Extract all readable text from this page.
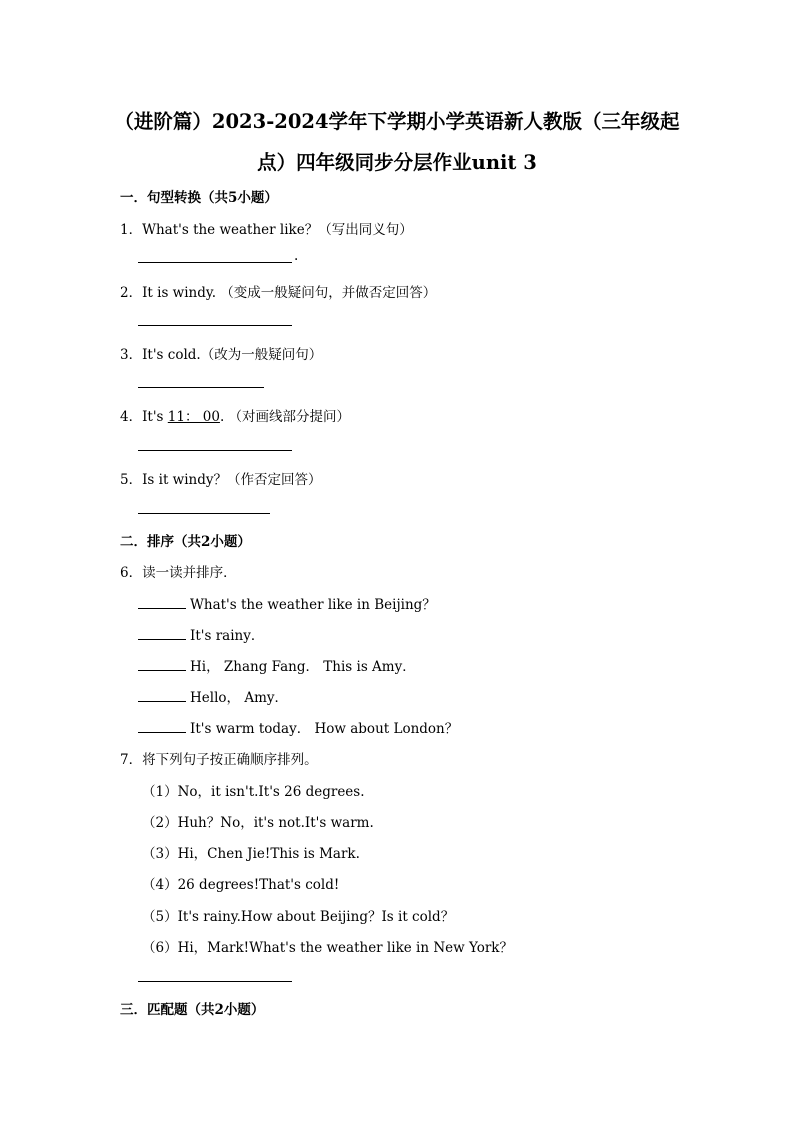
（进阶篇）2023-2024学年下学期小学英语新人教版（三年级起
点）四年级同步分层作业unit 3
一．句型转换（共5小题）
1．What's the weather like？（写出同义句）
.
2．It is windy. （变成一般疑问句，并做否定回答）
3．It's cold.（改为一般疑问句）
4．It's 11： 00. （对画线部分提问）
5．Is it windy？（作否定回答）
二．排序（共2小题）
6．读一读并排序．
What's the weather like in Beijing？
It's rainy．
Hi， Zhang Fang． This is Amy．
Hello， Amy．
It's warm today． How about London？
7．将下列句子按正确顺序排列。
（1）No，it isn't.It's 26 degrees.
（2）Huh？No，it's not.It's warm.
（3）Hi，Chen Jie!This is Mark.
（4）26 degrees!That's cold!
（5）It's rainy.How about Beijing？Is it cold？
（6）Hi，Mark!What's the weather like in New York？
三．匹配题（共2小题）
